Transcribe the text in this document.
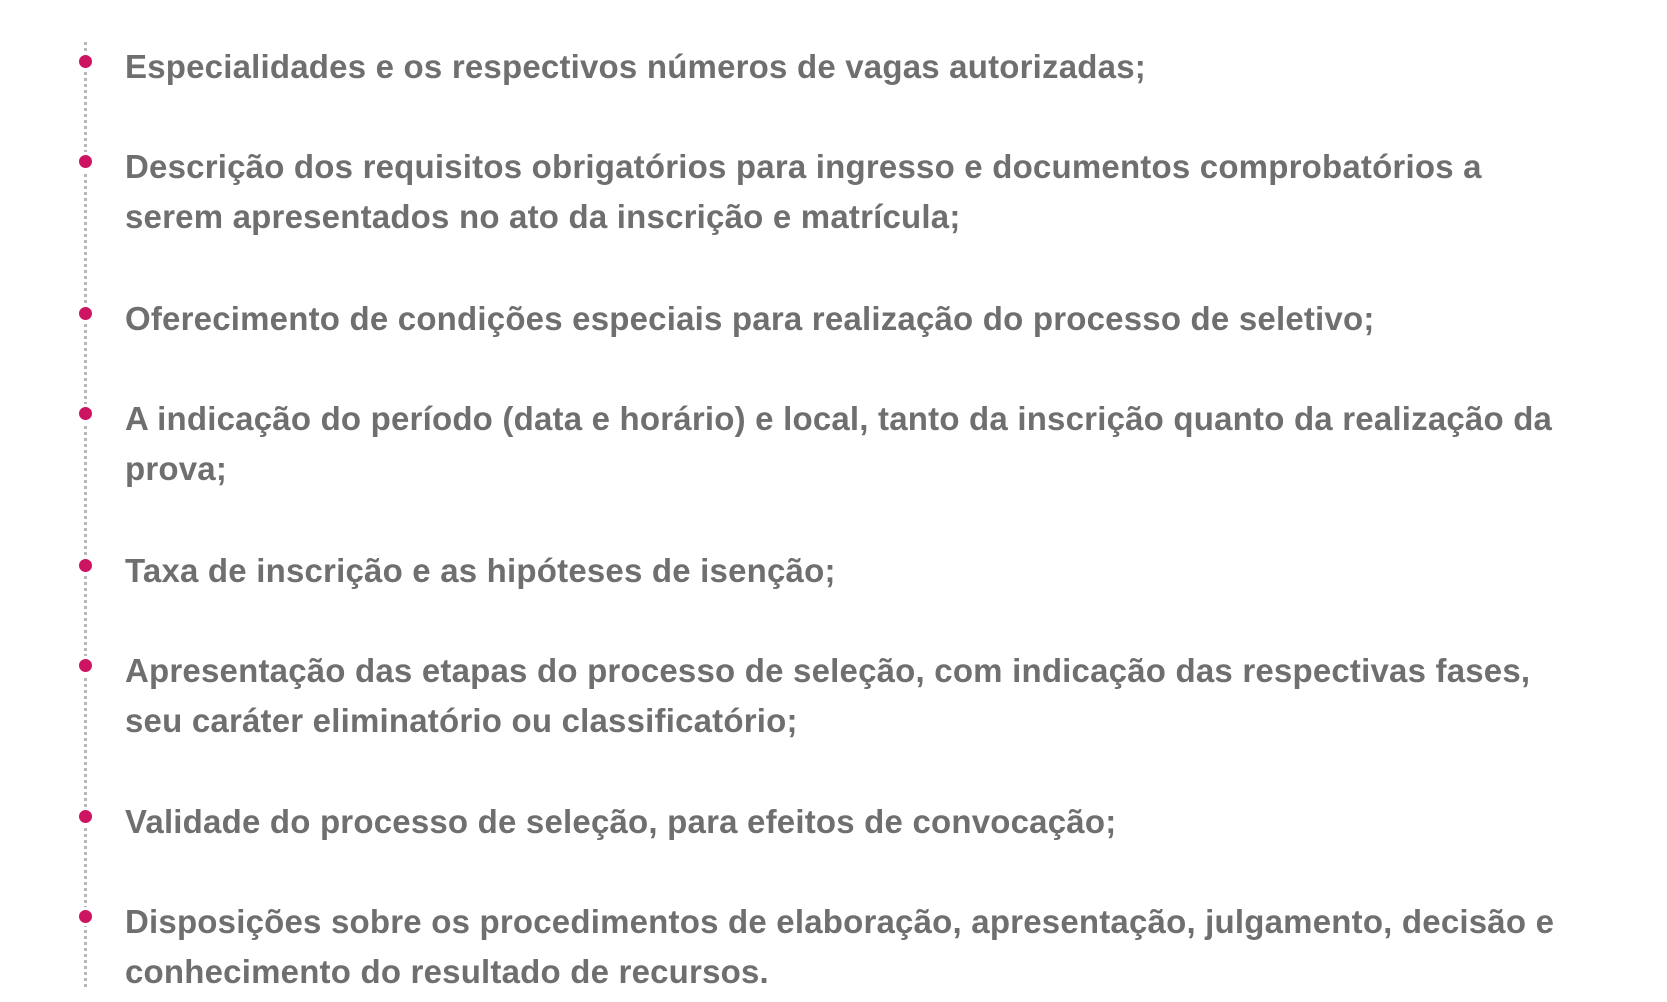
Especialidades e os respectivos números de vagas autorizadas;

Descrição dos requisitos obrigatórios para ingresso e documentos comprobatórios a serem apresentados no ato da inscrição e matrícula;

Oferecimento de condições especiais para realização do processo de seletivo;

A indicação do período (data e horário) e local, tanto da inscrição quanto da realização da prova;

Taxa de inscrição e as hipóteses de isenção;

Apresentação das etapas do processo de seleção, com indicação das respectivas fases, seu caráter eliminatório ou classificatório;

Validade do processo de seleção, para efeitos de convocação;

Disposições sobre os procedimentos de elaboração, apresentação, julgamento, decisão e conhecimento do resultado de recursos.
